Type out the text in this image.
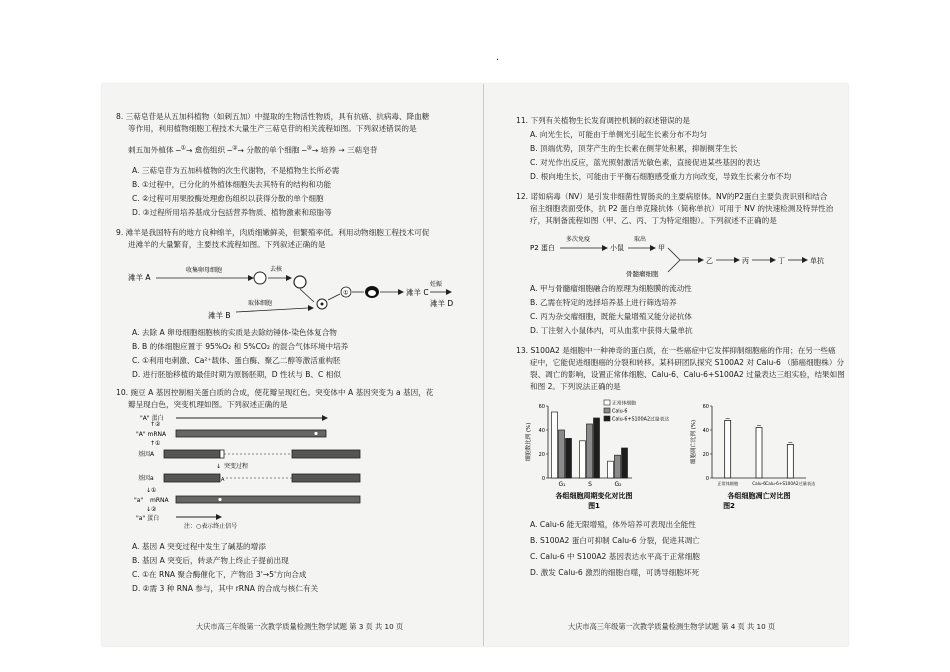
.
8. 三萜皂苷是从五加科植物（如刺五加）中提取的生物活性物质，具有抗癌、抗病毒、降血糖
等作用，利用植物细胞工程技术大量生产三萜皂苷的相关流程如图。下列叙述错误的是
刺五加外植体 ─①→ 愈伤组织 ─②→ 分散的单个细胞 ─③→ 培养 → 三萜皂苷
A. 三萜皂苷为五加科植物的次生代谢物，不是植物生长所必需
B. ①过程中，已分化的外植体细胞失去其特有的结构和功能
C. ②过程可用果胶酶处理愈伤组织以获得分散的单个细胞
D. ③过程所用培养基成分包括营养物质、植物激素和琼脂等
9. 滩羊是我国特有的地方良种绵羊，肉质细嫩鲜美，但繁殖率低。利用动物细胞工程技术可促
进滩羊的大量繁育，主要技术流程如图。下列叙述正确的是
滩羊 A
收集卵母细胞	去核
①	滩羊 C
妊娠
滩羊 D
滩羊 B
取体细胞
A. 去除 A 卵母细胞细胞核的实质是去除纺锤体-染色体复合物
B. B 的体细胞应置于 95%O₂ 和 5%CO₂ 的混合气体环境中培养
C. ①利用电刺激、Ca²⁺载体、蛋白酶、聚乙二醇等激活重构胚
D. 进行胚胎移植的最佳时期为原肠胚期，D 性状与 B、C 相似
10. 豌豆 A 基因控制相关蛋白质的合成，使花瓣呈现红色。突变体中 A 基因突变为 a 基因，花
瓣呈现白色，突变机理如图。下列叙述正确的是
"A" 蛋白
↑②
"A" mRNA
↑①
基因A
突变过程
↓
基因a	A
↓①
"a" mRNA
↓②
"a" 蛋白
注：○表示终止信号
A. 基因 A 突变过程中发生了碱基的增添
B. 基因 A 突变后，转录产物上终止子提前出现
C. ①在 RNA 聚合酶催化下，产物沿 3'→5'方向合成
D. ②需 3 种 RNA 参与，其中 rRNA 的合成与核仁有关
大庆市高三年级第一次教学质量检测生物学试题 第 3 页 共 10 页
11. 下列有关植物生长发育调控机制的叙述错误的是
A. 向光生长，可能由于单侧光引起生长素分布不均匀
B. 顶端优势，顶芽产生的生长素在侧芽处积累，抑制侧芽生长
C. 对光作出反应，蓝光照射激活光敏色素，直接促进某些基因的表达
D. 根向地生长，可能由于平衡石细胞感受重力方向改变，导致生长素分布不均
12. 诺如病毒（NV）是引发非细菌性胃肠炎的主要病原体。NV的P2蛋白主要负责识别和结合
宿主细胞表面受体，抗 P2 蛋白单克隆抗体（简称单抗）可用于 NV 的快速检测及特异性治
疗，其制备流程如图（甲、乙、丙、丁为特定细胞）。下列叙述不正确的是
P2 蛋白
多次免疫
小鼠
取出
甲
乙	丙	丁	单抗
骨髓瘤细胞
A. 甲与骨髓瘤细胞融合的原理为细胞膜的流动性
B. 乙需在特定的选择培养基上进行筛选培养
C. 丙为杂交瘤细胞，既能大量增殖又能分泌抗体
D. 丁注射入小鼠体内，可从血浆中获得大量单抗
13. S100A2 是细胞中一种神奇的蛋白质，在一些癌症中它发挥抑制细胞癌的作用；在另一些癌
症中，它能促进细胞癌的分裂和转移。某科研团队探究 S100A2 对 Calu-6 （肺癌细胞株）分
裂、凋亡的影响，设置正常体细胞、Calu-6、Calu-6+S100A2 过量表达三组实验，结果如图
和图 2。下列说法正确的是
60
40
20
0
细胞数比例 (%)
G₁	S	G₂
正常体细胞
Calu-6
Calu-6+S100A2过量表达
各组细胞周期变化对比图
图1
60
40
20
0
细胞凋亡比例 (%)
正常体细胞	Calu-6 Calu-6+S100A2过量表达
各组细胞凋亡对比图
图2
A. Calu-6 能无限增殖，体外培养可表现出全能性
B. S100A2 蛋白可抑制 Calu-6 分裂，促进其凋亡
C. Calu-6 中 S100A2 基因表达水平高于正常细胞
D. 激发 Calu-6 激烈的细胞自噬，可诱导细胞坏死
大庆市高三年级第一次教学质量检测生物学试题 第 4 页 共 10 页
